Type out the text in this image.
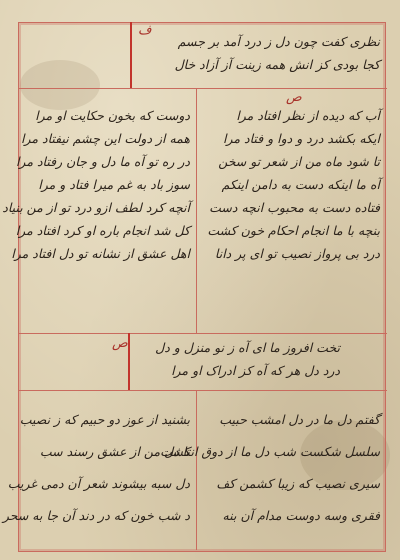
ف
نظری کفت چون دل ز درد آمد بر جسم
کجا بودی کز انش همه زینت آز آزاد خال
ص
آب که دیده از نظر افتاد مرا
ایکه بکشد درد و دوا و فتاد مرا
تا شود ماه من از شعر تو سخن
آه ما اینکه دست به دامن اینکم
فتاده دست به محبوب انچه دست
بنچه با ما انجام احکام خون کشت
درد بی پرواز نصیب تو ای پر دانا
دوست که بخون حکایت او مرا
همه از دولت این چشم نیفتاد مرا
در ره تو آه ما دل و جان رفتاد مرا
سوز باد به غم میرا فتاد و مرا
آنچه کرد لطف ازو درد تو از من بنیاد
کل شد انجام باره او کرد افتاد مرا
اهل عشق از نشانه تو دل افتاد مرا
ص	تخت افروز ما ای آه ز نو منزل و دل
درد دل هر که آه کز ادراک او مرا
گفتم دل ما در دل امشب حبیب
سلسل شکست شب دل ما از دوق انکشت
سیری نصیب که زیبا کشمن کف
فقری وسه دوست مدام آن بنه
بشنید از عوز دو حبیم که ز نصیب
تا دل من از عشق رسند سب
دل سبه بیشوند شعر آن دمی غریب
د شب خون که در دند آن جا به سحر
